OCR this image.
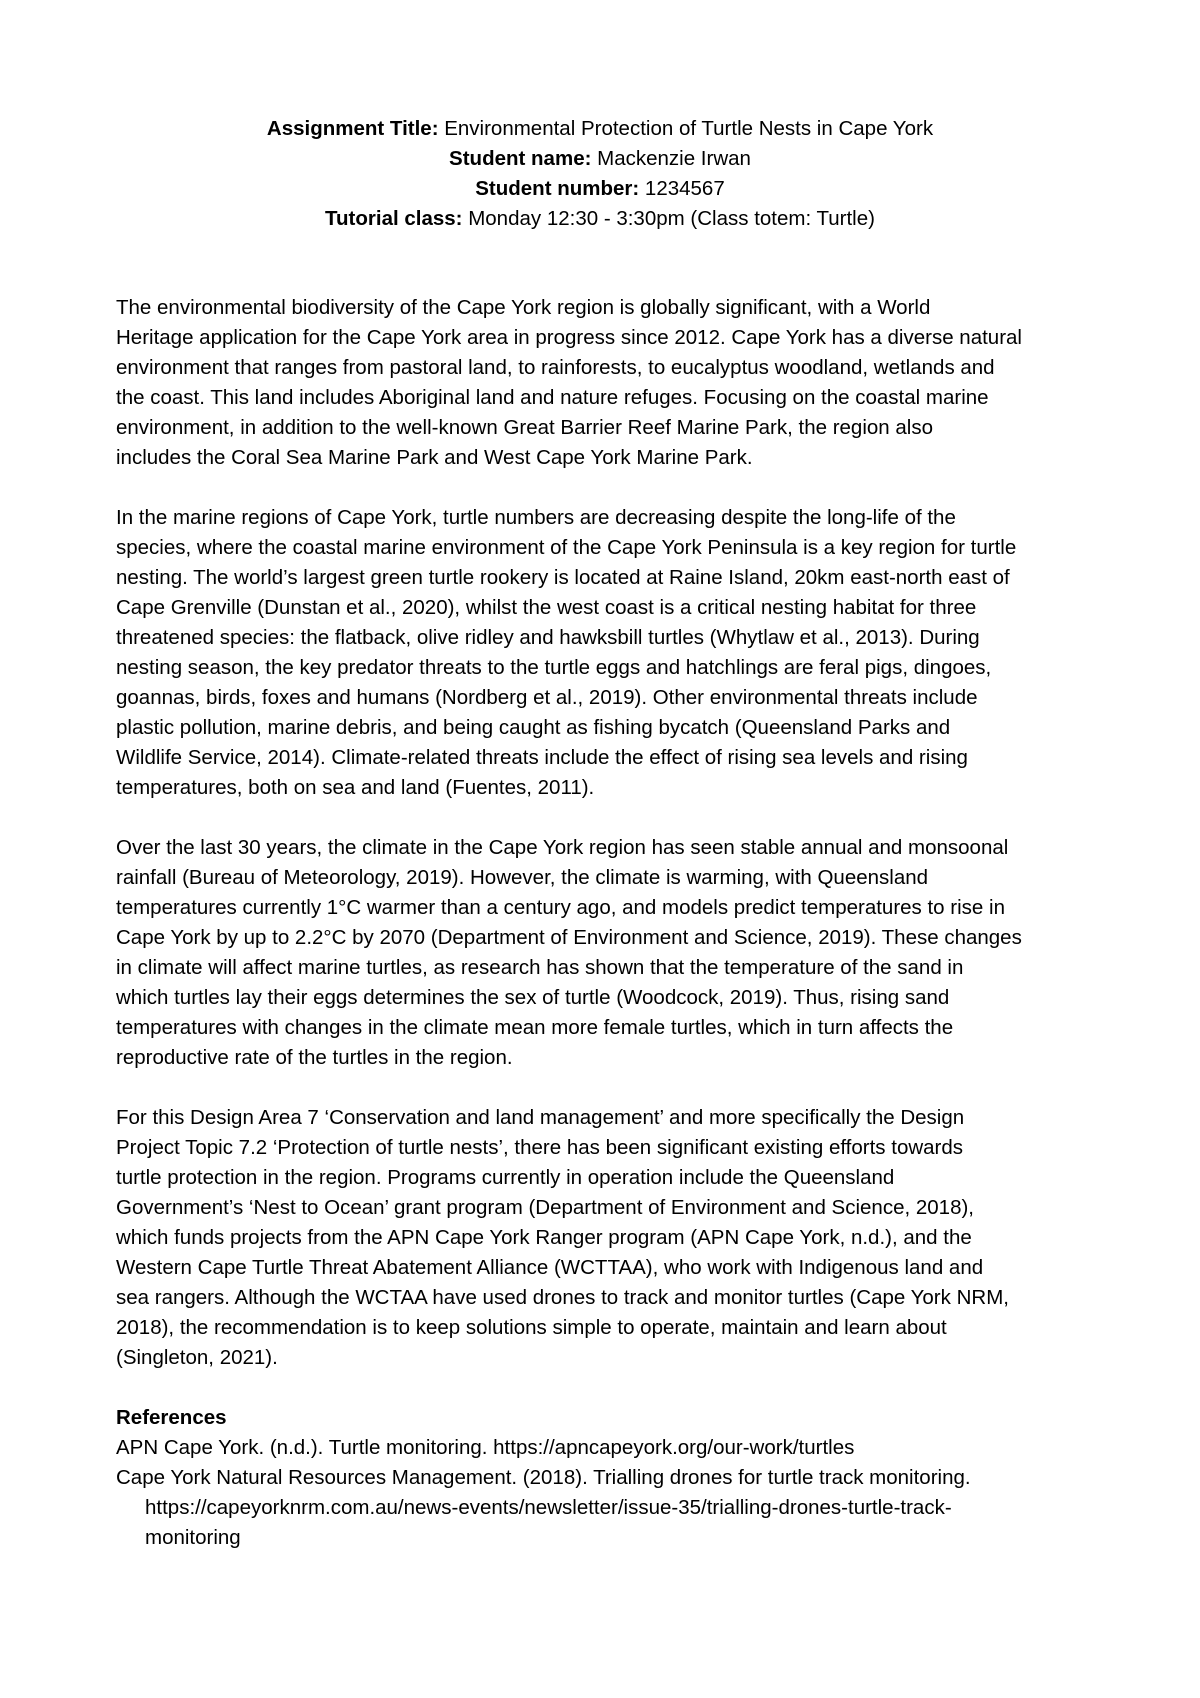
Assignment Title: Environmental Protection of Turtle Nests in Cape York
Student name: Mackenzie Irwan
Student number: 1234567
Tutorial class: Monday 12:30 - 3:30pm (Class totem: Turtle)
The environmental biodiversity of the Cape York region is globally significant, with a World
Heritage application for the Cape York area in progress since 2012. Cape York has a diverse natural
environment that ranges from pastoral land, to rainforests, to eucalyptus woodland, wetlands and
the coast. This land includes Aboriginal land and nature refuges. Focusing on the coastal marine
environment, in addition to the well-known Great Barrier Reef Marine Park, the region also
includes the Coral Sea Marine Park and West Cape York Marine Park.
In the marine regions of Cape York, turtle numbers are decreasing despite the long-life of the
species, where the coastal marine environment of the Cape York Peninsula is a key region for turtle
nesting. The world’s largest green turtle rookery is located at Raine Island, 20km east-north east of
Cape Grenville (Dunstan et al., 2020), whilst the west coast is a critical nesting habitat for three
threatened species: the flatback, olive ridley and hawksbill turtles (Whytlaw et al., 2013). During
nesting season, the key predator threats to the turtle eggs and hatchlings are feral pigs, dingoes,
goannas, birds, foxes and humans (Nordberg et al., 2019). Other environmental threats include
plastic pollution, marine debris, and being caught as fishing bycatch (Queensland Parks and
Wildlife Service, 2014). Climate-related threats include the effect of rising sea levels and rising
temperatures, both on sea and land (Fuentes, 2011).
Over the last 30 years, the climate in the Cape York region has seen stable annual and monsoonal
rainfall (Bureau of Meteorology, 2019). However, the climate is warming, with Queensland
temperatures currently 1°C warmer than a century ago, and models predict temperatures to rise in
Cape York by up to 2.2°C by 2070 (Department of Environment and Science, 2019). These changes
in climate will affect marine turtles, as research has shown that the temperature of the sand in
which turtles lay their eggs determines the sex of turtle (Woodcock, 2019). Thus, rising sand
temperatures with changes in the climate mean more female turtles, which in turn affects the
reproductive rate of the turtles in the region.
For this Design Area 7 ‘Conservation and land management’ and more specifically the Design
Project Topic 7.2 ‘Protection of turtle nests’, there has been significant existing efforts towards
turtle protection in the region. Programs currently in operation include the Queensland
Government’s ‘Nest to Ocean’ grant program (Department of Environment and Science, 2018),
which funds projects from the APN Cape York Ranger program (APN Cape York, n.d.), and the
Western Cape Turtle Threat Abatement Alliance (WCTTAA), who work with Indigenous land and
sea rangers. Although the WCTAA have used drones to track and monitor turtles (Cape York NRM,
2018), the recommendation is to keep solutions simple to operate, maintain and learn about
(Singleton, 2021).
References
APN Cape York. (n.d.). Turtle monitoring. https://apncapeyork.org/our-work/turtles
Cape York Natural Resources Management. (2018). Trialling drones for turtle track monitoring.
https://capeyorknrm.com.au/news-events/newsletter/issue-35/trialling-drones-turtle-track-
monitoring
